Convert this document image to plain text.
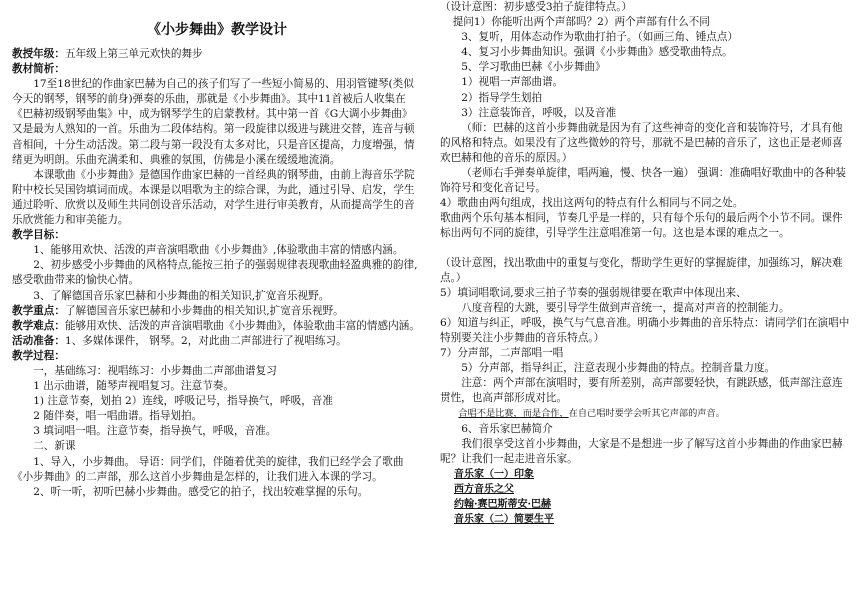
《小步舞曲》教学设计

教授年级：五年级上第三单元欢快的舞步

教材简析：

17至18世纪的作曲家巴赫为自己的孩子们写了一些短小简易的、用羽管键琴(类似今天的钢琴，钢琴的前身)弹奏的乐曲，那就是《小步舞曲》。其中11首被后人收集在《巴赫初级钢琴曲集》中，成为钢琴学生的启蒙教材。其中第一首《G大调小步舞曲》又是最为人熟知的一首。乐曲为二段体结构。第一段旋律以级进与跳进交替，连音与顿音相间，十分生动活泼。第二段与第一段没有太多对比，只是音区提高，力度增强，情绪更为明朗。乐曲充满柔和、典雅的氛围，仿佛是小溪在缓缓地流淌。

本课歌曲《小步舞曲》是德国作曲家巴赫的一首经典的钢琴曲，由前上海音乐学院附中校长吴国钧填词而成。本课是以唱歌为主的综合课，为此，通过引导、启发，学生通过聆听、欣赏以及师生共同创设音乐活动，对学生进行审美教育，从而提高学生的音乐欣赏能力和审美能力。

教学目标：

1、能够用欢快、活泼的声音演唱歌曲《小步舞曲》,体验歌曲丰富的情感内涵。

2、初步感受小步舞曲的风格特点,能按三拍子的强弱规律表现歌曲轻盈典雅的韵律,感受歌曲带来的愉快心情。

3、了解德国音乐家巴赫和小步舞曲的相关知识,扩宽音乐视野。

教学重点：了解德国音乐家巴赫和小步舞曲的相关知识,扩宽音乐视野。

教学难点：能够用欢快、活泼的声音演唱歌曲《小步舞曲》，体验歌曲丰富的情感内涵。

活动准备：1、多媒体课件， 钢琴。2，对此曲二声部进行了视唱练习。

教学过程：

一，基础练习：视唱练习：小步舞曲二声部曲谱复习

1 出示曲谱，随琴声视唱复习。注意节奏。

1) 注意节奏，划拍 2）连线，呼吸记号，指导换气，呼吸，音准

2 随伴奏，唱一唱曲谱。指导划拍。

3 填词唱一唱。注意节奏，指导换气，呼吸，音准。

二、新课

1、导入，小步舞曲。 导语：同学们，伴随着优美的旋律，我们已经学会了歌曲《小步舞曲》的二声部，那么这首小步舞曲是怎样的，让我们进入本课的学习。

2、听一听，初听巴赫小步舞曲。感受它的拍子，找出较难掌握的乐句。

（设计意图：初步感受3拍子旋律特点。）

提问1）你能听出两个声部吗？2）两个声部有什么不同

3、复听，用体态动作为歌曲打拍子。（如画三角、锤点点）

4、复习小步舞曲知识。强调《小步舞曲》感受歌曲特点。

5、学习歌曲巴赫《小步舞曲》

1）视唱一声部曲谱。

2）指导学生划拍

3）注意装饰音，呼吸，以及音准

（师：巴赫的这首小步舞曲就是因为有了这些神奇的变化音和装饰符号，才具有他的风格和特点。如果没有了这些微妙的符号，那就不是巴赫的音乐了，这也正是老师喜欢巴赫和他的音乐的原因。）

（老师右手弹奏单旋律，唱两遍，慢、快各一遍） 强调：准确唱好歌曲中的各种装饰符号和变化音记号。

4）歌曲由两句组成，找出这两句的特点有什么相同与不同之处。

歌曲两个乐句基本相同，节奏几乎是一样的，只有每个乐句的最后两个小节不同。课件标出两句不同的旋律，引导学生注意唱准第一句。这也是本课的难点之一。

（设计意图，找出歌曲中的重复与变化，帮助学生更好的掌握旋律，加强练习，解决难点。）

5）填词唱歌词,要求三拍子节奏的强弱规律要在歌声中体现出来、

八度音程的大跳，要引导学生做到声音统一，提高对声音的控制能力。

6）知道与纠正，呼吸，换气与气息音准。明确小步舞曲的音乐特点：请同学们在演唱中特别要关注小步舞曲的音乐特点。）

7）分声部，二声部唱一唱

5）分声部，指导纠正，注意表现小步舞曲的特点。控制音量力度。

注意：两个声部在演唱时，要有所差别，高声部要轻快，有跳跃感，低声部注意连贯性，也高声部形成对比。

合唱不是比赛，而是合作，在自己唱时要学会听其它声部的声音。

6、音乐家巴赫简介

我们很享受这首小步舞曲，大家是不是想进一步了解写这首小步舞曲的作曲家巴赫呢？让我们一起走进音乐家。

音乐家（一）印象

西方音乐之父

约翰·赛巴斯蒂安·巴赫

音乐家（二）简要生平
